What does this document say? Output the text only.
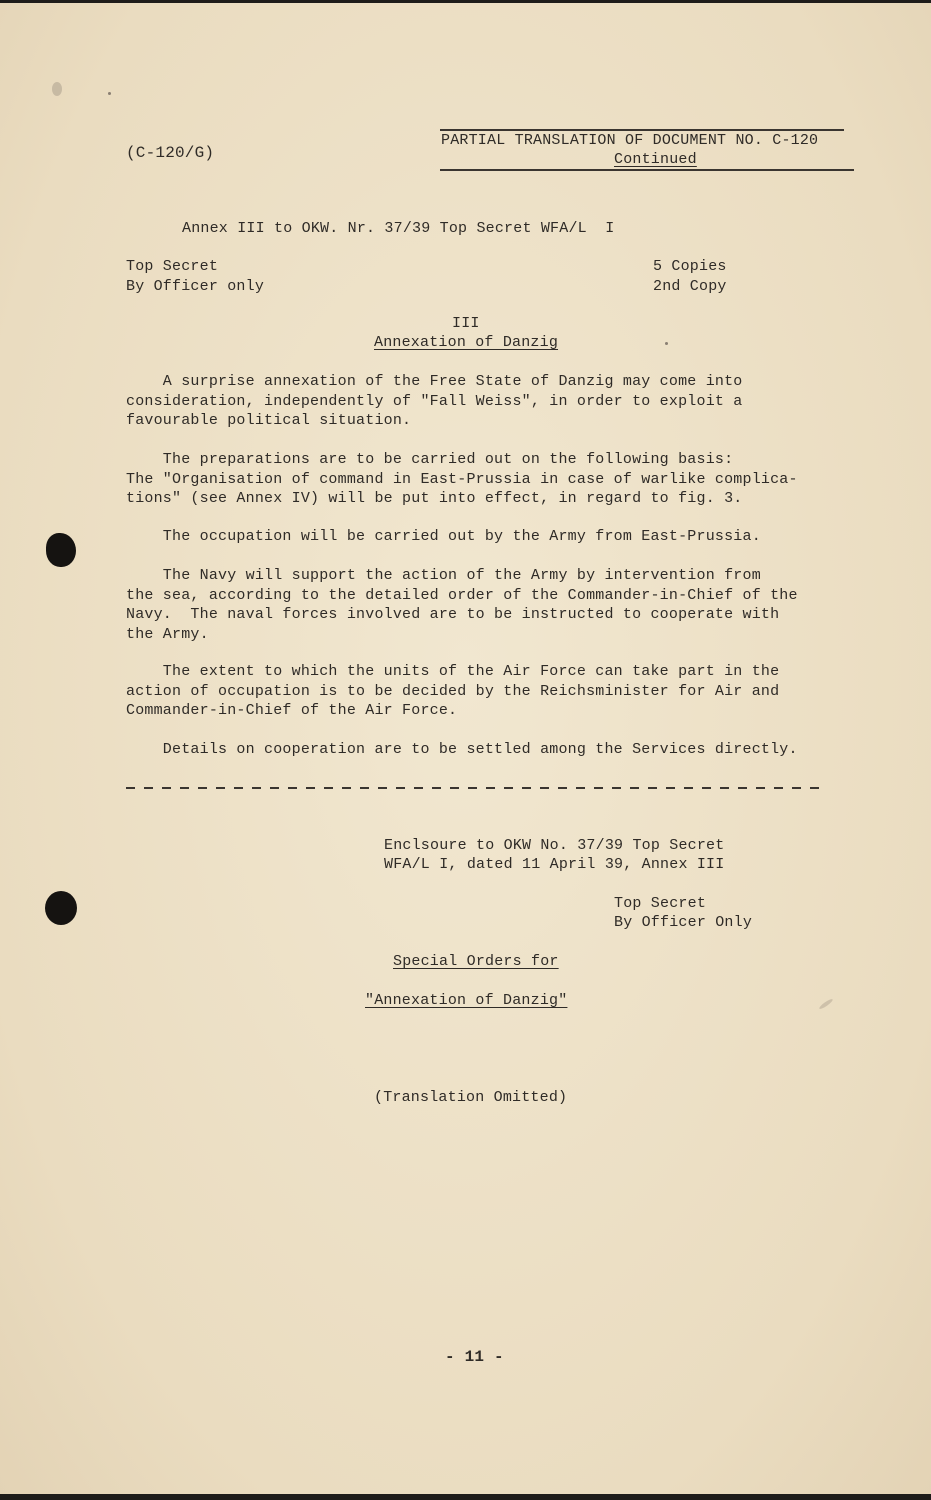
(C-120/G)
PARTIAL TRANSLATION OF DOCUMENT NO. C-120
Continued
Annex III to OKW. Nr. 37/39 Top Secret WFA/L  I
Top Secret
By Officer only
5 Copies
2nd Copy
III
Annexation of Danzig
A surprise annexation of the Free State of Danzig may come into
consideration, independently of "Fall Weiss", in order to exploit a
favourable political situation.
The preparations are to be carried out on the following basis:
The "Organisation of command in East-Prussia in case of warlike complica-
tions" (see Annex IV) will be put into effect, in regard to fig. 3.
The occupation will be carried out by the Army from East-Prussia.
The Navy will support the action of the Army by intervention from
the sea, according to the detailed order of the Commander-in-Chief of the
Navy.  The naval forces involved are to be instructed to cooperate with
the Army.
The extent to which the units of the Air Force can take part in the
action of occupation is to be decided by the Reichsminister for Air and
Commander-in-Chief of the Air Force.
Details on cooperation are to be settled among the Services directly.
Enclsoure to OKW No. 37/39 Top Secret
WFA/L I, dated 11 April 39, Annex III
Top Secret
By Officer Only
Special Orders for
"Annexation of Danzig"
(Translation Omitted)
- 11 -
